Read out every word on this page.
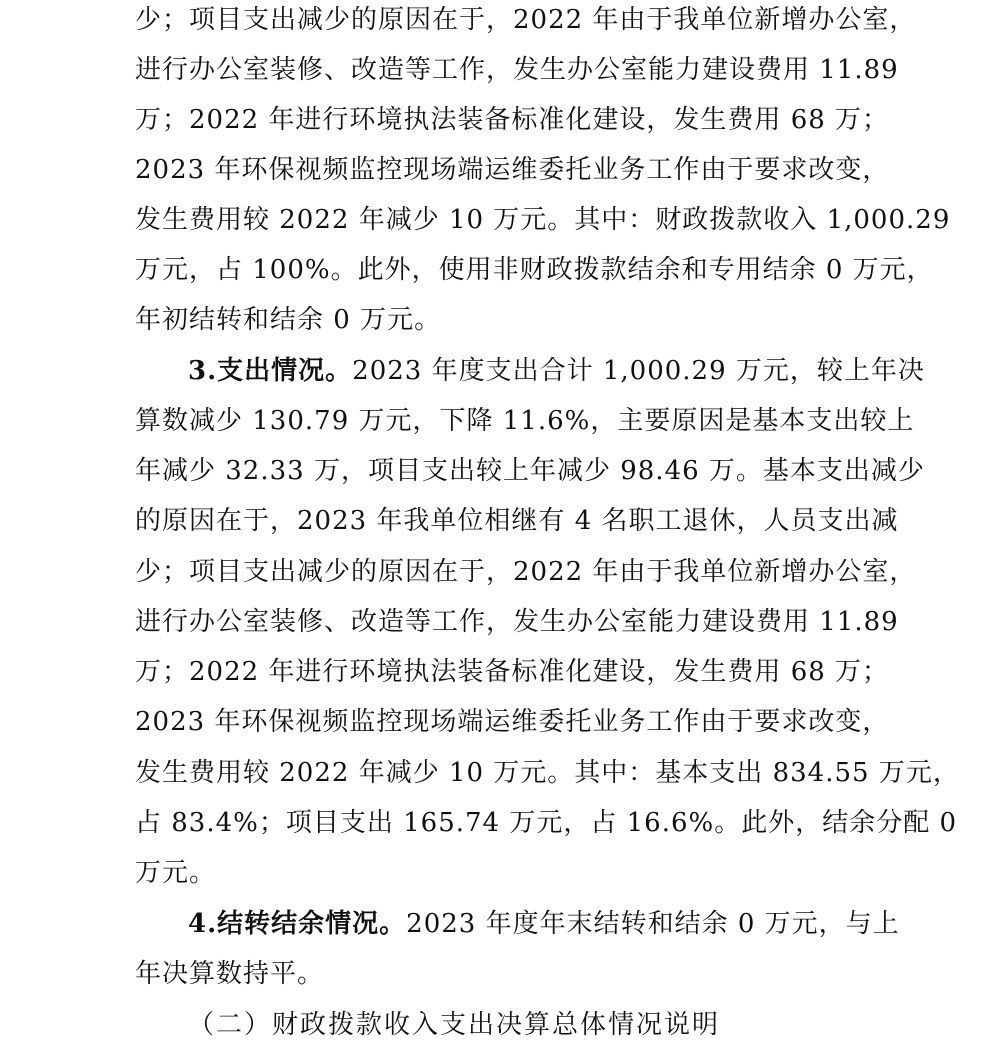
少；项目支出减少的原因在于，2022 年由于我单位新增办公室，
进行办公室装修、改造等工作，发生办公室能力建设费用 11.89
万；2022 年进行环境执法装备标准化建设，发生费用 68 万；
2023 年环保视频监控现场端运维委托业务工作由于要求改变，
发生费用较 2022 年减少 10 万元。其中：财政拨款收入 1,000.29
万元，占 100%。此外，使用非财政拨款结余和专用结余 0 万元，
年初结转和结余 0 万元。
3.支出情况。2023 年度支出合计 1,000.29 万元，较上年决
算数减少 130.79 万元，下降 11.6%，主要原因是基本支出较上
年减少 32.33 万，项目支出较上年减少 98.46 万。基本支出减少
的原因在于，2023 年我单位相继有 4 名职工退休，人员支出减
少；项目支出减少的原因在于，2022 年由于我单位新增办公室，
进行办公室装修、改造等工作，发生办公室能力建设费用 11.89
万；2022 年进行环境执法装备标准化建设，发生费用 68 万；
2023 年环保视频监控现场端运维委托业务工作由于要求改变，
发生费用较 2022 年减少 10 万元。其中：基本支出 834.55 万元，
占 83.4%；项目支出 165.74 万元，占 16.6%。此外，结余分配 0
万元。
4.结转结余情况。2023 年度年末结转和结余 0 万元，与上
年决算数持平。
（二）财政拨款收入支出决算总体情况说明
